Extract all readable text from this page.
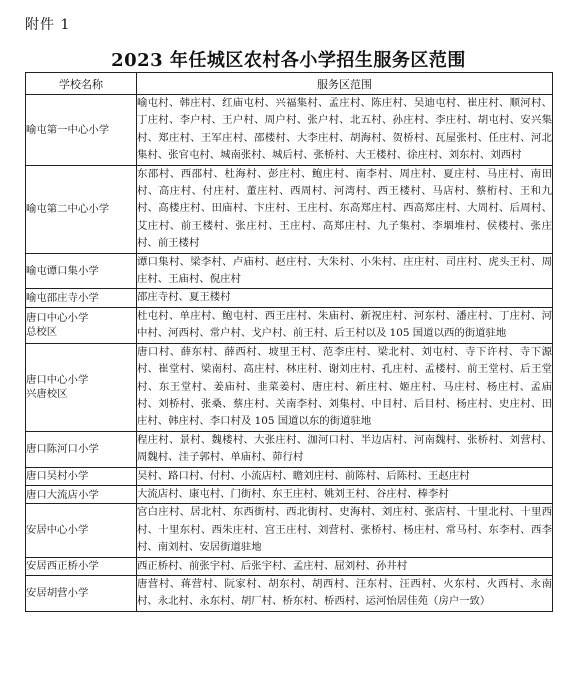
附件 1
2023 年任城区农村各小学招生服务区范围
学校名称	服务区范围
喻屯第一中心小学	喻屯村、韩庄村、红庙屯村、兴福集村、孟庄村、陈庄村、吴迪屯村、崔庄村、顺河村、丁庄村、李户村、王户村、周户村、张户村、北五村、孙庄村、李庄村、胡屯村、安兴集村、郑庄村、王军庄村、邵楼村、大李庄村、胡海村、贺桥村、瓦屋张村、任庄村、河北集村、张官屯村、城南张村、城后村、张桥村、大王楼村、徐庄村、刘东村、刘西村
喻屯第二中心小学	东邵村、西邵村、杜海村、彭庄村、鲍庄村、南李村、周庄村、夏庄村、马庄村、南田村、高庄村、付庄村、董庄村、西周村、河湾村、西王楼村、马店村、蔡桁村、王和九村、高楼庄村、田庙村、卞庄村、王庄村、东高郑庄村、西高郑庄村、大周村、后周村、艾庄村、前王楼村、张庄村、王庄村、高郑庄村、九子集村、李堌堆村、侯楼村、张庄村、前王楼村
喻屯谭口集小学	谭口集村、梁李村、卢庙村、赵庄村、大朱村、小朱村、庄庄村、司庄村、虎头王村、周庄村、王庙村、倪庄村
喻屯邵庄寺小学	邵庄寺村、夏王楼村
唐口中心小学
总校区	杜屯村、单庄村、鲍屯村、西王庄村、朱庙村、新祝庄村、河东村、潘庄村、丁庄村、河中村、河西村、常户村、戈户村、前王村、后王村以及 105 国道以西的街道驻地
唐口中心小学
兴唐校区	唐口村、薛东村、薛西村、坡里王村、范李庄村、梁北村、刘屯村、寺下许村、寺下源村、崔堂村、梁南村、高庄村、林庄村、谢刘庄村、孔庄村、孟楼村、前王堂村、后王堂村、东王堂村、姜庙村、韭菜姜村、唐庄村、新庄村、姬庄村、马庄村、杨庄村、孟庙村、刘桥村、张桑、蔡庄村、关南李村、刘集村、中目村、后目村、杨庄村、史庄村、田庄村、韩庄村、李口村及 105 国道以东的街道驻地
唐口陈河口小学	程庄村、景村、魏楼村、大张庄村、泇河口村、半边店村、河南魏村、张桥村、刘营村、周魏村、洼子郭村、单庙村、茆行村
唐口吴村小学	吴村、路口村、付村、小流店村、瞻刘庄村、前陈村、后陈村、王赵庄村
唐口大流店小学	大流店村、康屯村、门街村、东王庄村、姚刘王村、谷庄村、棒李村
安居中心小学	宫白庄村、居北村、东西街村、西北街村、史海村、刘庄村、张店村、十里北村、十里西村、十里东村、西朱庄村、宫王庄村、刘营村、张桥村、杨庄村、常马村、东李村、西李村、南刘村、安居街道驻地
安居西正桥小学	西正桥村、前张宇村、后张宇村、孟庄村、屈刘村、孙井村
安居胡营小学	唐营村、蒋营村、阮家村、胡东村、胡西村、汪东村、汪西村、火东村、火西村、永南村、永北村、永东村、胡厂村、桥东村、桥西村、运河怡居佳苑（房户一致）
